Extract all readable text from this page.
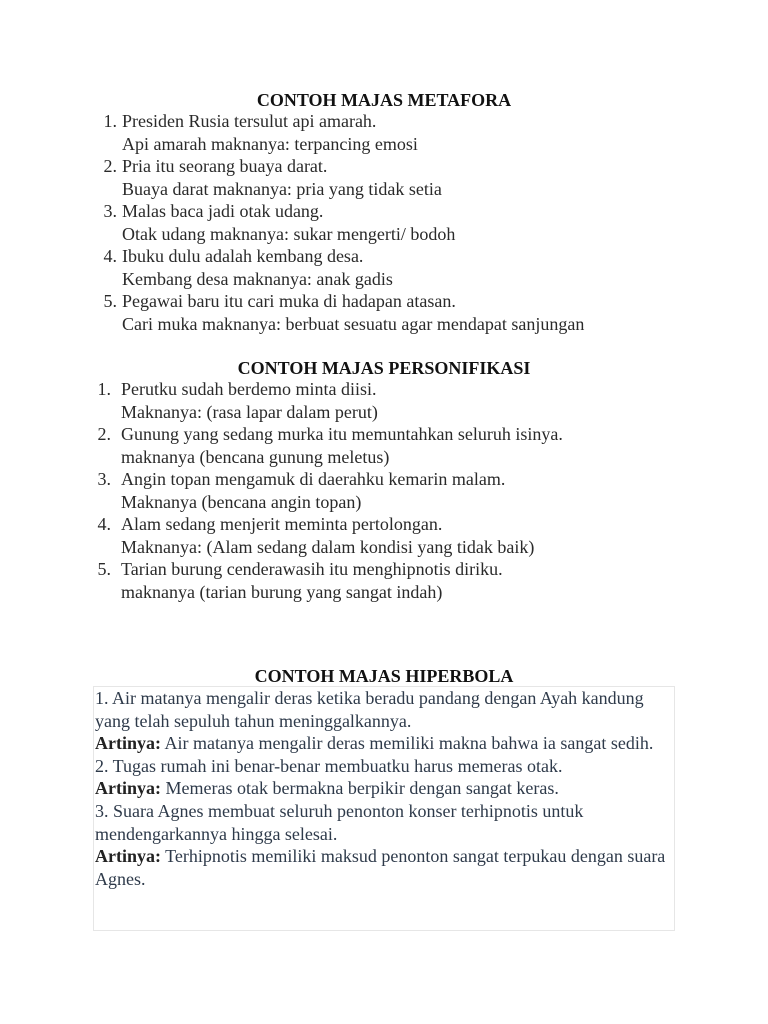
CONTOH MAJAS METAFORA
1. Presiden Rusia tersulut api amarah.
Api amarah maknanya: terpancing emosi
2. Pria itu seorang buaya darat.
Buaya darat maknanya: pria yang tidak setia
3. Malas baca jadi otak udang.
Otak udang maknanya: sukar mengerti/ bodoh
4. Ibuku dulu adalah kembang desa.
Kembang desa maknanya: anak gadis
5. Pegawai baru itu cari muka di hadapan atasan.
Cari muka maknanya: berbuat sesuatu agar mendapat sanjungan
CONTOH MAJAS PERSONIFIKASI
1. Perutku sudah berdemo minta diisi.
Maknanya: (rasa lapar dalam perut)
2. Gunung yang sedang murka itu memuntahkan seluruh isinya.
maknanya (bencana gunung meletus)
3. Angin topan mengamuk di daerahku kemarin malam.
Maknanya (bencana angin topan)
4. Alam sedang menjerit meminta pertolongan.
Maknanya: (Alam sedang dalam kondisi yang tidak baik)
5. Tarian burung cenderawasih itu menghipnotis diriku.
maknanya (tarian burung yang sangat indah)
CONTOH MAJAS HIPERBOLA

1. Air matanya mengalir deras ketika beradu pandang dengan Ayah kandung yang telah sepuluh tahun meninggalkannya.

Artinya: Air matanya mengalir deras memiliki makna bahwa ia sangat sedih.

2. Tugas rumah ini benar-benar membuatku harus memeras otak.

Artinya: Memeras otak bermakna berpikir dengan sangat keras.

3. Suara Agnes membuat seluruh penonton konser terhipnotis untuk mendengarkannya hingga selesai.

Artinya: Terhipnotis memiliki maksud penonton sangat terpukau dengan suara Agnes.
